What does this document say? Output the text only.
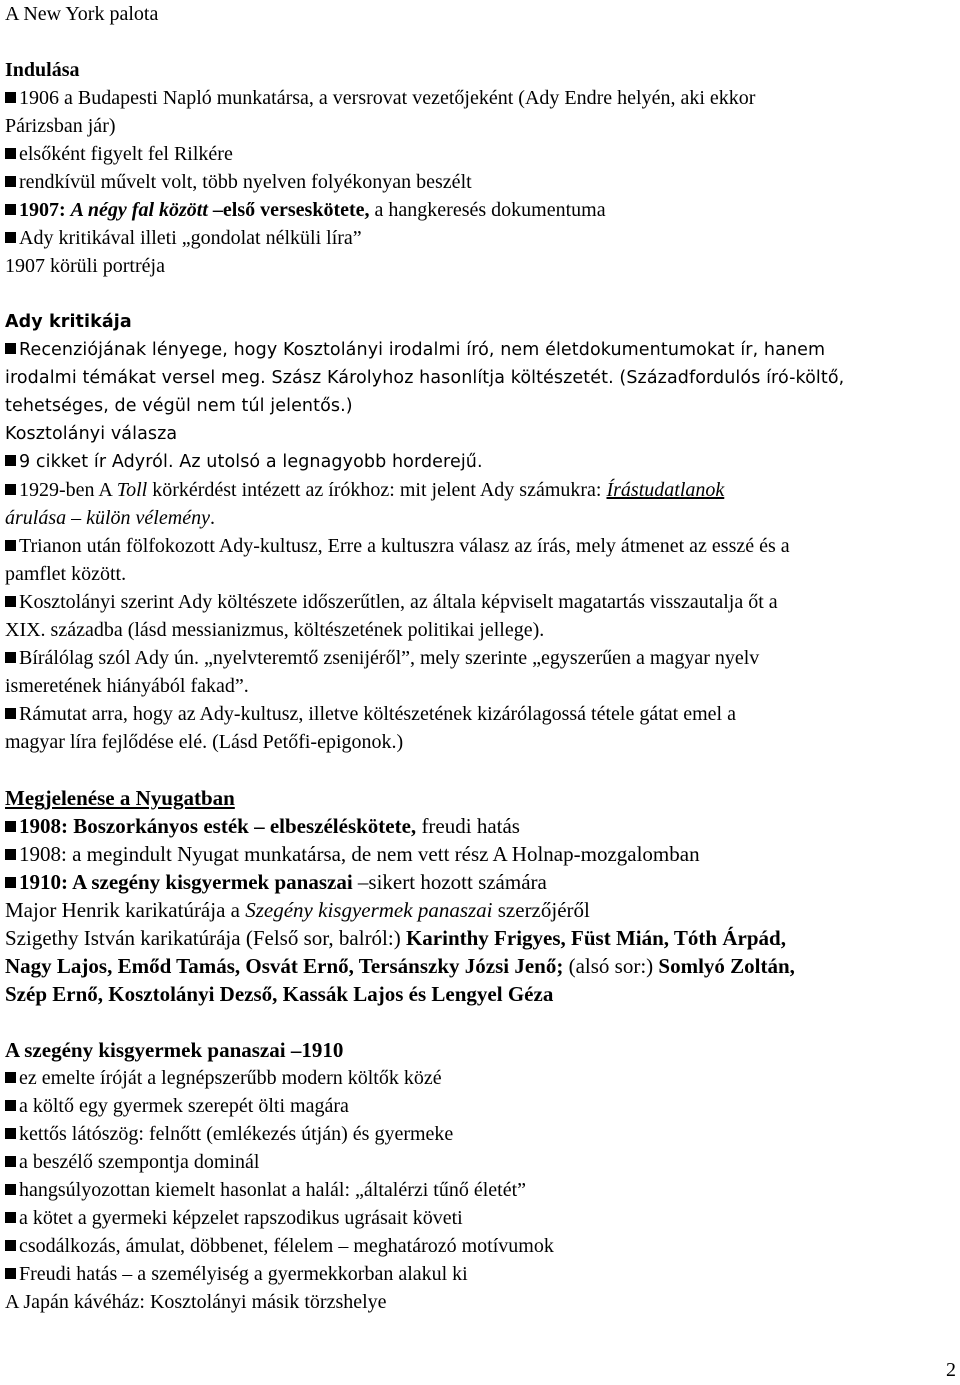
A New York palota
Indulása
1906 a Budapesti Napló munkatársa, a versrovat vezetőjeként (Ady Endre helyén, aki ekkor
Párizsban jár)
elsőként figyelt fel Rilkére
rendkívül művelt volt, több nyelven folyékonyan beszélt
1907: A négy fal között –első verseskötete, a hangkeresés dokumentuma
Ady kritikával illeti „gondolat nélküli líra”
1907 körüli portréja
Ady kritikája
Recenziójának lényege, hogy Kosztolányi irodalmi író, nem életdokumentumokat ír, hanem
irodalmi témákat versel meg. Szász Károlyhoz hasonlítja költészetét. (Századfordulós író-költő,
tehetséges, de végül nem túl jelentős.)
Kosztolányi válasza
9 cikket ír Adyról. Az utolsó a legnagyobb horderejű.
1929-ben A Toll körkérdést intézett az írókhoz: mit jelent Ady számukra: Írástudatlanok
árulása – külön vélemény.
Trianon után fölfokozott Ady-kultusz, Erre a kultuszra válasz az írás, mely átmenet az esszé és a
pamflet között.
Kosztolányi szerint Ady költészete időszerűtlen, az általa képviselt magatartás visszautalja őt a
XIX. századba (lásd messianizmus, költészetének politikai jellege).
Bírálólag szól Ady ún. „nyelvteremtő zsenijéről”, mely szerinte „egyszerűen a magyar nyelv
ismeretének hiányából fakad”.
Rámutat arra, hogy az Ady-kultusz, illetve költészetének kizárólagossá tétele gátat emel a
magyar líra fejlődése elé. (Lásd Petőfi-epigonok.)
Megjelenése a Nyugatban
1908: Boszorkányos esték – elbeszéléskötete, freudi hatás
1908: a megindult Nyugat munkatársa, de nem vett rész A Holnap-mozgalomban
1910: A szegény kisgyermek panaszai –sikert hozott számára
Major Henrik karikatúrája a Szegény kisgyermek panaszai szerzőjéről
Szigethy István karikatúrája (Felső sor, balról:) Karinthy Frigyes, Füst Mián, Tóth Árpád,
Nagy Lajos, Emőd Tamás, Osvát Ernő, Tersánszky Józsi Jenő; (alsó sor:) Somlyó Zoltán,
Szép Ernő, Kosztolányi Dezső, Kassák Lajos és Lengyel Géza
A szegény kisgyermek panaszai –1910
ez emelte íróját a legnépszerűbb modern költők közé
a költő egy gyermek szerepét ölti magára
kettős látószög: felnőtt (emlékezés útján) és gyermeke
a beszélő szempontja dominál
hangsúlyozottan kiemelt hasonlat a halál: „általérzi tűnő életét”
a kötet a gyermeki képzelet rapszodikus ugrásait követi
csodálkozás, ámulat, döbbenet, félelem – meghatározó motívumok
Freudi hatás – a személyiség a gyermekkorban alakul ki
A Japán kávéház: Kosztolányi másik törzshelye
2
